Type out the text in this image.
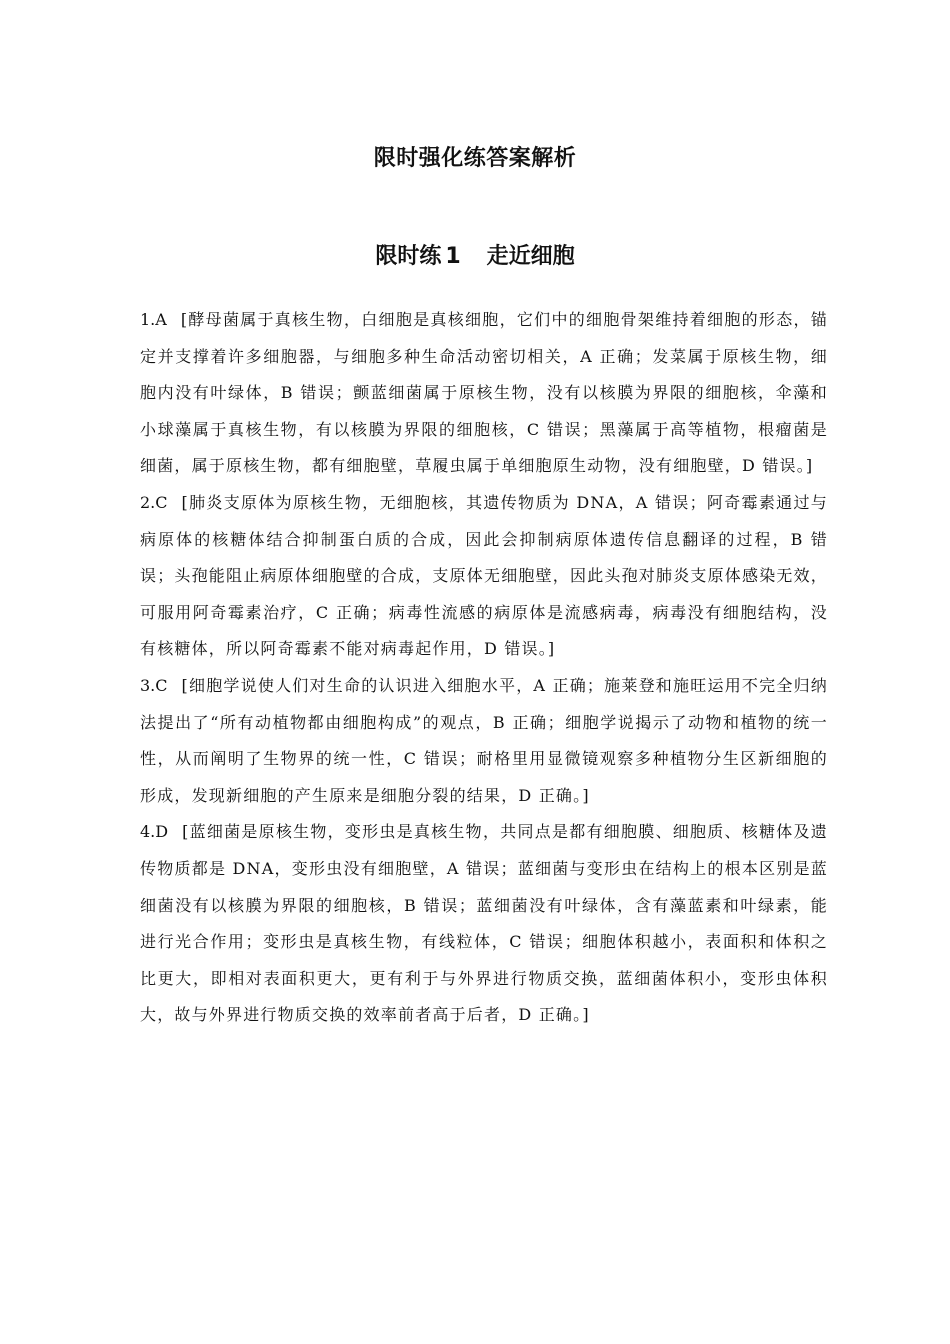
限时强化练答案解析
限时练 1 走近细胞
1.A [酵母菌属于真核生物，白细胞是真核细胞，它们中的细胞骨架维持着细胞的形态，锚定并支撑着许多细胞器，与细胞多种生命活动密切相关，A 正确；发菜属于原核生物，细胞内没有叶绿体，B 错误；颤蓝细菌属于原核生物，没有以核膜为界限的细胞核，伞藻和小球藻属于真核生物，有以核膜为界限的细胞核，C 错误；黑藻属于高等植物，根瘤菌是细菌，属于原核生物，都有细胞壁，草履虫属于单细胞原生动物，没有细胞壁，D 错误。]
2.C [肺炎支原体为原核生物，无细胞核，其遗传物质为 DNA，A 错误；阿奇霉素通过与病原体的核糖体结合抑制蛋白质的合成，因此会抑制病原体遗传信息翻译的过程，B 错误；头孢能阻止病原体细胞壁的合成，支原体无细胞壁，因此头孢对肺炎支原体感染无效，可服用阿奇霉素治疗，C 正确；病毒性流感的病原体是流感病毒，病毒没有细胞结构，没有核糖体，所以阿奇霉素不能对病毒起作用，D 错误。]
3.C [细胞学说使人们对生命的认识进入细胞水平，A 正确；施莱登和施旺运用不完全归纳法提出了“所有动植物都由细胞构成”的观点，B 正确；细胞学说揭示了动物和植物的统一性，从而阐明了生物界的统一性，C 错误；耐格里用显微镜观察多种植物分生区新细胞的形成，发现新细胞的产生原来是细胞分裂的结果，D 正确。]
4.D [蓝细菌是原核生物，变形虫是真核生物，共同点是都有细胞膜、细胞质、核糖体及遗传物质都是 DNA，变形虫没有细胞壁，A 错误；蓝细菌与变形虫在结构上的根本区别是蓝细菌没有以核膜为界限的细胞核，B 错误；蓝细菌没有叶绿体，含有藻蓝素和叶绿素，能进行光合作用；变形虫是真核生物，有线粒体，C 错误；细胞体积越小，表面积和体积之比更大，即相对表面积更大，更有利于与外界进行物质交换，蓝细菌体积小，变形虫体积大，故与外界进行物质交换的效率前者高于后者，D 正确。]
